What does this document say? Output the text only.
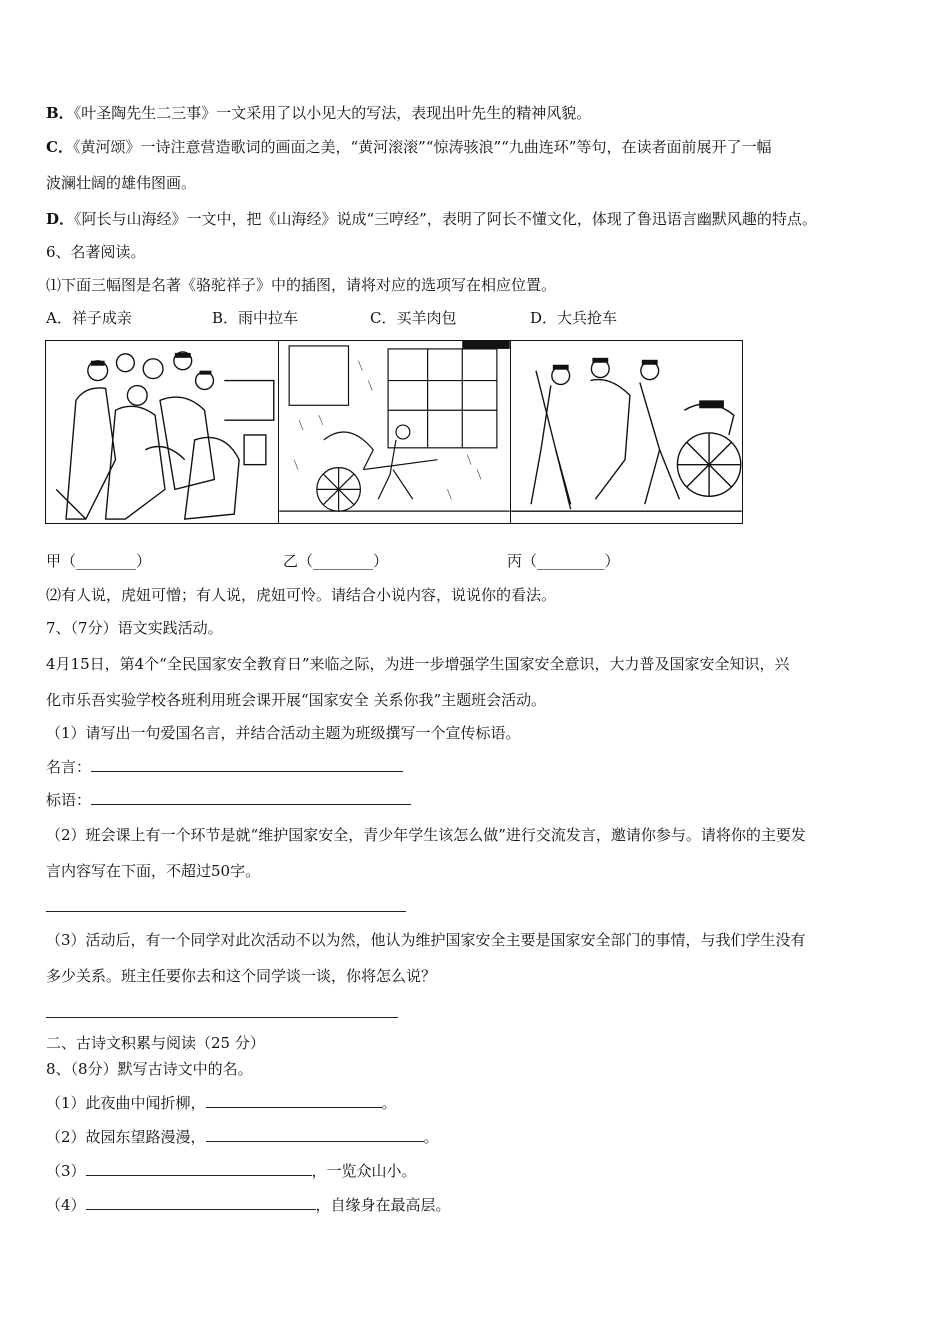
B．《叶圣陶先生二三事》一文采用了以小见大的写法，表现出叶先生的精神风貌。
C．《黄河颂》一诗注意营造歌词的画面之美，“黄河滚滚”“惊涛骇浪”“九曲连环”等句，在读者面前展开了一幅
波澜壮阔的雄伟图画。
D．《阿长与山海经》一文中，把《山海经》说成“三哼经”，表明了阿长不懂文化，体现了鲁迅语言幽默风趣的特点。
6、名著阅读。
⑴下面三幅图是名著《骆驼祥子》中的插图，请将对应的选项写在相应位置。
A．祥子成亲	B．雨中拉车	C．买羊肉包	D．大兵抢车
甲（________）	乙（________）	丙（_________）
⑵有人说，虎妞可憎；有人说，虎妞可怜。请结合小说内容，说说你的看法。
7、（7分）语文实践活动。
4月15日，第4个“全民国家安全教育日”来临之际，为进一步增强学生国家安全意识，大力普及国家安全知识，兴
化市乐吾实验学校各班利用班会课开展“国家安全 关系你我”主题班会活动。
（1）请写出一句爱国名言，并结合活动主题为班级撰写一个宣传标语。
名言：
标语：
（2）班会课上有一个环节是就“维护国家安全，青少年学生该怎么做”进行交流发言，邀请你参与。请将你的主要发
言内容写在下面，不超过50字。
（3）活动后，有一个同学对此次活动不以为然，他认为维护国家安全主要是国家安全部门的事情，与我们学生没有
多少关系。班主任要你去和这个同学谈一谈，你将怎么说？
二、古诗文积累与阅读（25 分）
8、（8分）默写古诗文中的名。
（1）此夜曲中闻折柳，	。
（2）故园东望路漫漫，	。
（3）	，一览众山小。
（4）	，自缘身在最高层。
